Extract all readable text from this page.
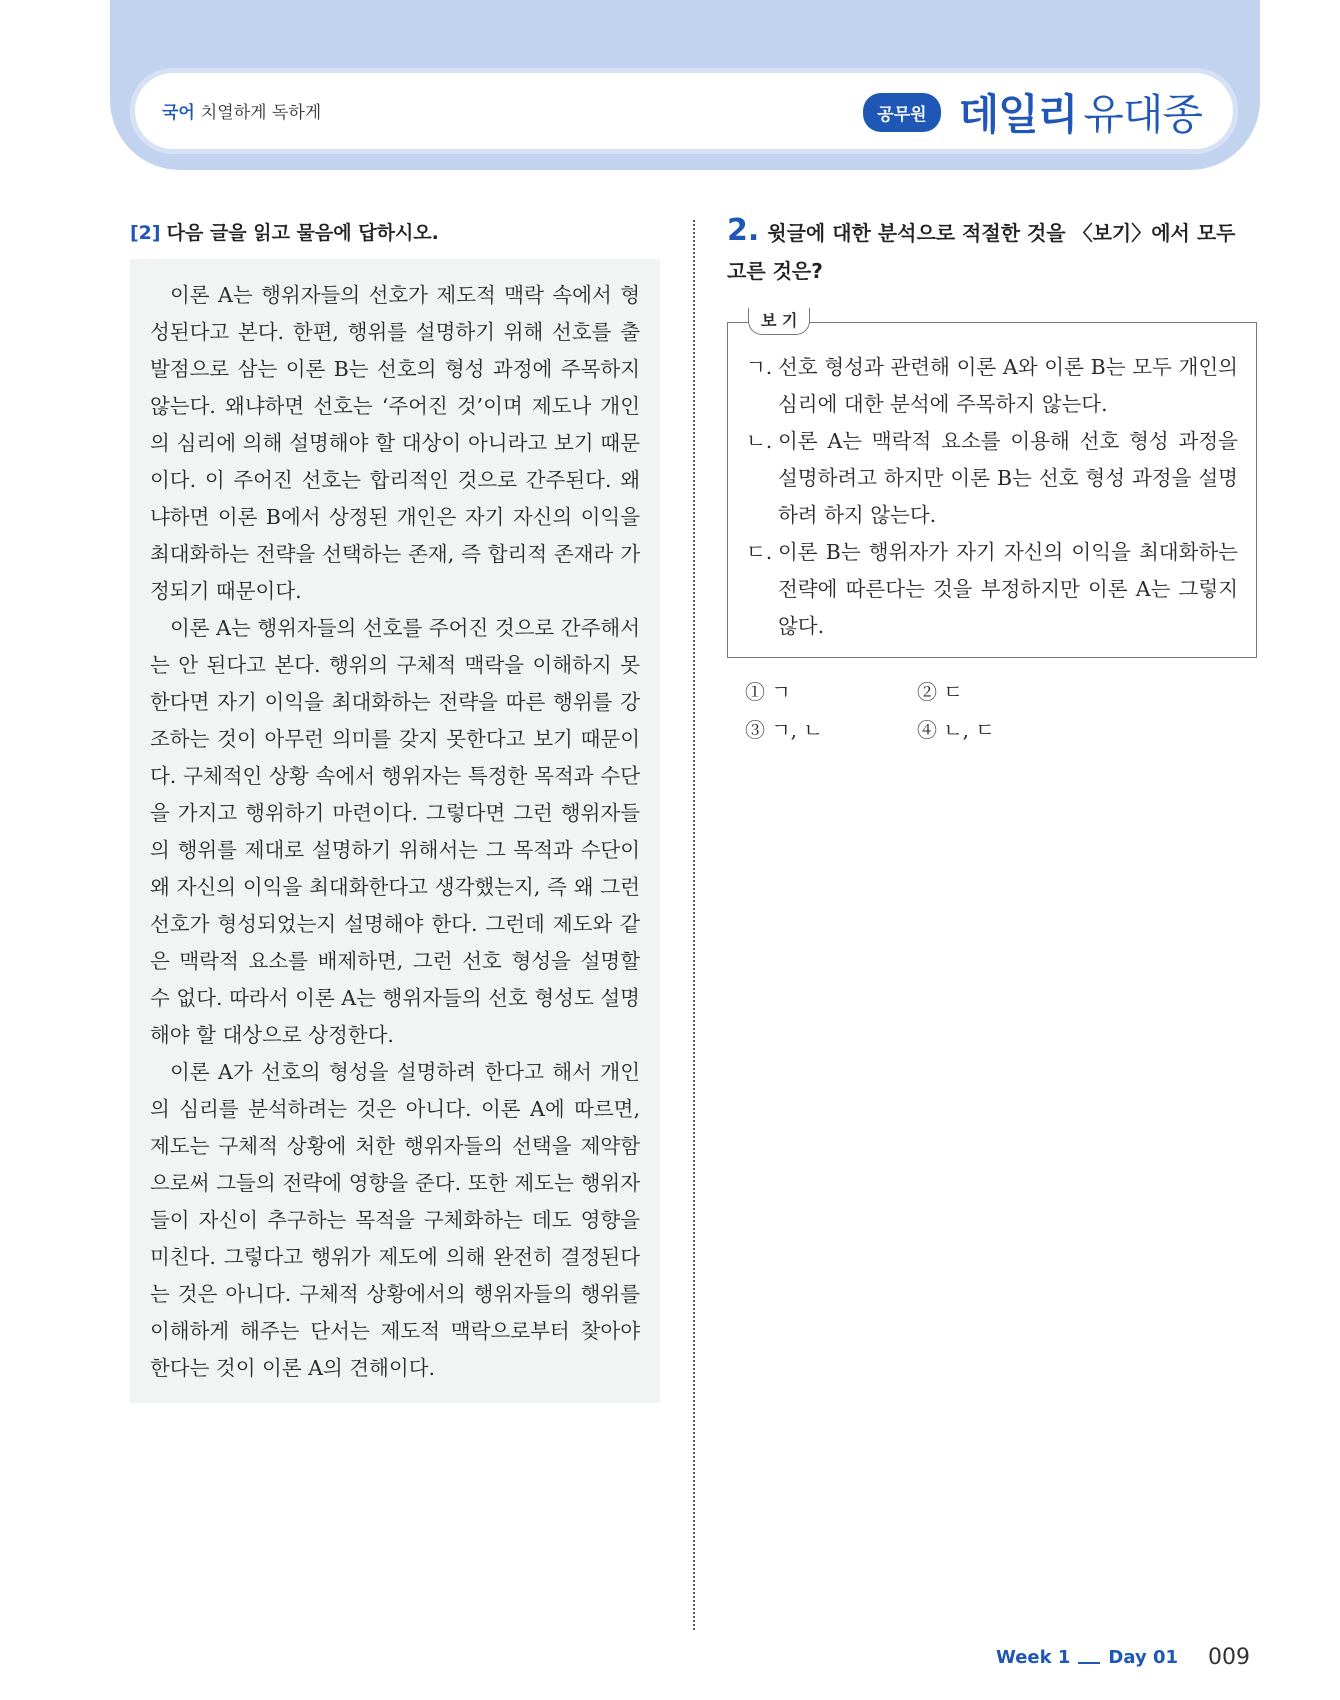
국어 치열하게 독하게	공무원 데일리 유대종
[2] 다음 글을 읽고 물음에 답하시오.

이론 A는 행위자들의 선호가 제도적 맥락 속에서 형성된다고 본다. 한편, 행위를 설명하기 위해 선호를 출발점으로 삼는 이론 B는 선호의 형성 과정에 주목하지 않는다. 왜냐하면 선호는 ‘주어진 것’이며 제도나 개인의 심리에 의해 설명해야 할 대상이 아니라고 보기 때문이다. 이 주어진 선호는 합리적인 것으로 간주된다. 왜냐하면 이론 B에서 상정된 개인은 자기 자신의 이익을 최대화하는 전략을 선택하는 존재, 즉 합리적 존재라 가정되기 때문이다.

이론 A는 행위자들의 선호를 주어진 것으로 간주해서는 안 된다고 본다. 행위의 구체적 맥락을 이해하지 못한다면 자기 이익을 최대화하는 전략을 따른 행위를 강조하는 것이 아무런 의미를 갖지 못한다고 보기 때문이다. 구체적인 상황 속에서 행위자는 특정한 목적과 수단을 가지고 행위하기 마련이다. 그렇다면 그런 행위자들의 행위를 제대로 설명하기 위해서는 그 목적과 수단이 왜 자신의 이익을 최대화한다고 생각했는지, 즉 왜 그런 선호가 형성되었는지 설명해야 한다. 그런데 제도와 같은 맥락적 요소를 배제하면, 그런 선호 형성을 설명할 수 없다. 따라서 이론 A는 행위자들의 선호 형성도 설명해야 할 대상으로 상정한다.

이론 A가 선호의 형성을 설명하려 한다고 해서 개인의 심리를 분석하려는 것은 아니다. 이론 A에 따르면, 제도는 구체적 상황에 처한 행위자들의 선택을 제약함으로써 그들의 전략에 영향을 준다. 또한 제도는 행위자들이 자신이 추구하는 목적을 구체화하는 데도 영향을 미친다. 그렇다고 행위가 제도에 의해 완전히 결정된다는 것은 아니다. 구체적 상황에서의 행위자들의 행위를 이해하게 해주는 단서는 제도적 맥락으로부터 찾아야 한다는 것이 이론 A의 견해이다.

2. 윗글에 대한 분석으로 적절한 것을 〈보기〉에서 모두 고른 것은?
보 기
ㄱ. 선호 형성과 관련해 이론 A와 이론 B는 모두 개인의 심리에 대한 분석에 주목하지 않는다.
ㄴ. 이론 A는 맥락적 요소를 이용해 선호 형성 과정을 설명하려고 하지만 이론 B는 선호 형성 과정을 설명하려 하지 않는다.
ㄷ. 이론 B는 행위자가 자기 자신의 이익을 최대화하는 전략에 따른다는 것을 부정하지만 이론 A는 그렇지 않다.
① ㄱ	② ㄷ
③ ㄱ, ㄴ	④ ㄴ, ㄷ
Week 1 Day 01 009
